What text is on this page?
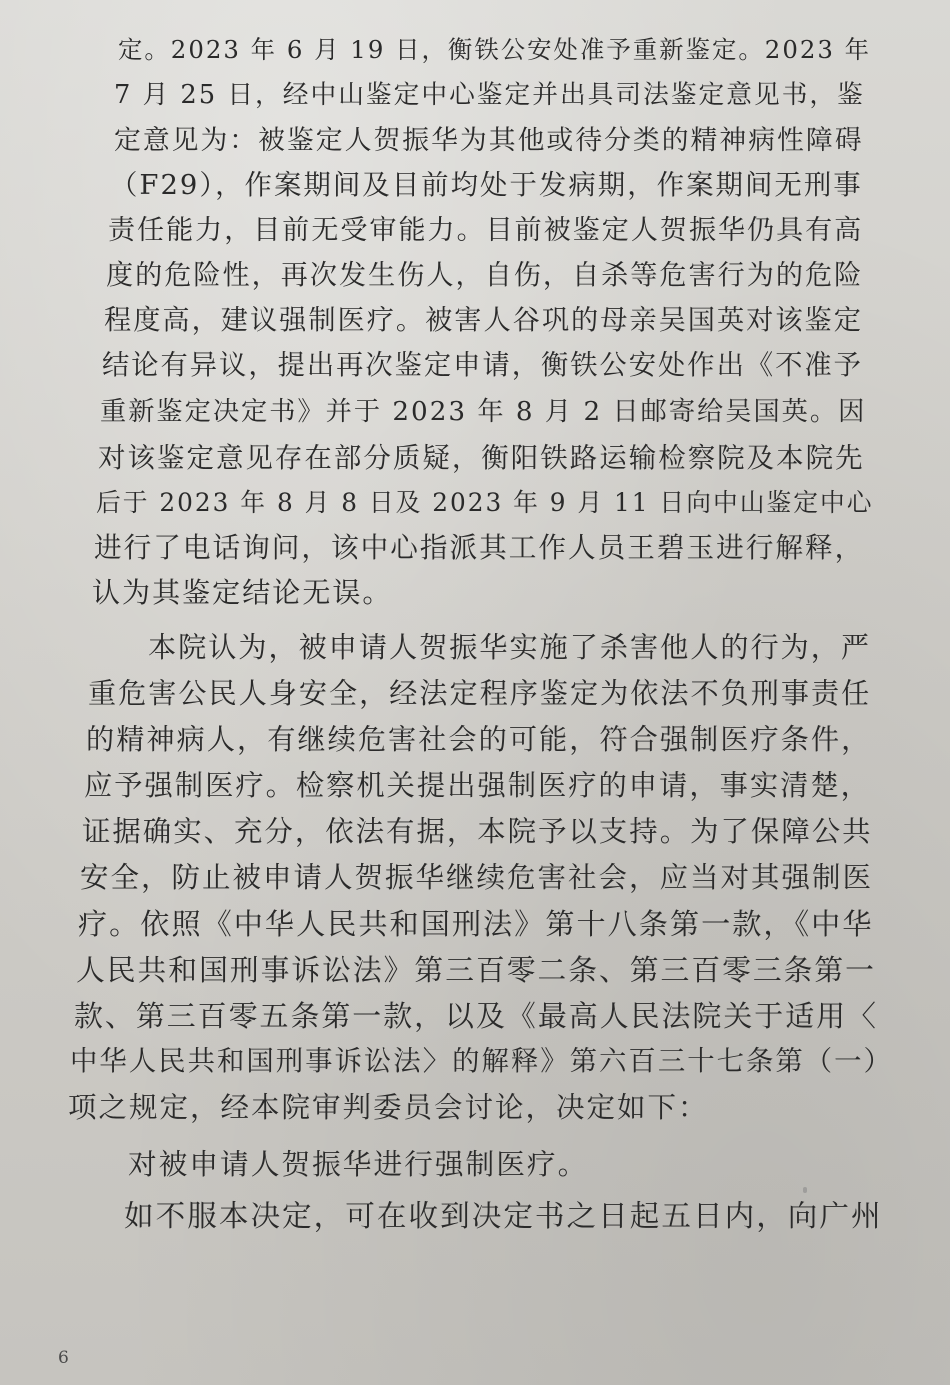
定。2023 年 6 月 19 日，衡铁公安处准予重新鉴定。2023 年
7 月 25 日，经中山鉴定中心鉴定并出具司法鉴定意见书，鉴
定意见为：被鉴定人贺振华为其他或待分类的精神病性障碍
（F29），作案期间及目前均处于发病期，作案期间无刑事
责任能力，目前无受审能力。目前被鉴定人贺振华仍具有高
度的危险性，再次发生伤人，自伤，自杀等危害行为的危险
程度高，建议强制医疗。被害人谷巩的母亲吴国英对该鉴定
结论有异议，提出再次鉴定申请，衡铁公安处作出《不准予
重新鉴定决定书》并于 2023 年 8 月 2 日邮寄给吴国英。因
对该鉴定意见存在部分质疑，衡阳铁路运输检察院及本院先
后于 2023 年 8 月 8 日及 2023 年 9 月 11 日向中山鉴定中心
进行了电话询问，该中心指派其工作人员王碧玉进行解释，
认为其鉴定结论无误。
本院认为，被申请人贺振华实施了杀害他人的行为，严
重危害公民人身安全，经法定程序鉴定为依法不负刑事责任
的精神病人，有继续危害社会的可能，符合强制医疗条件，
应予强制医疗。检察机关提出强制医疗的申请，事实清楚，
证据确实、充分，依法有据，本院予以支持。为了保障公共
安全，防止被申请人贺振华继续危害社会，应当对其强制医
疗。依照《中华人民共和国刑法》第十八条第一款，《中华
人民共和国刑事诉讼法》第三百零二条、第三百零三条第一
款、第三百零五条第一款，以及《最高人民法院关于适用〈
中华人民共和国刑事诉讼法〉的解释》第六百三十七条第（一）
项之规定，经本院审判委员会讨论，决定如下：
对被申请人贺振华进行强制医疗。
如不服本决定，可在收到决定书之日起五日内，向广州
6
